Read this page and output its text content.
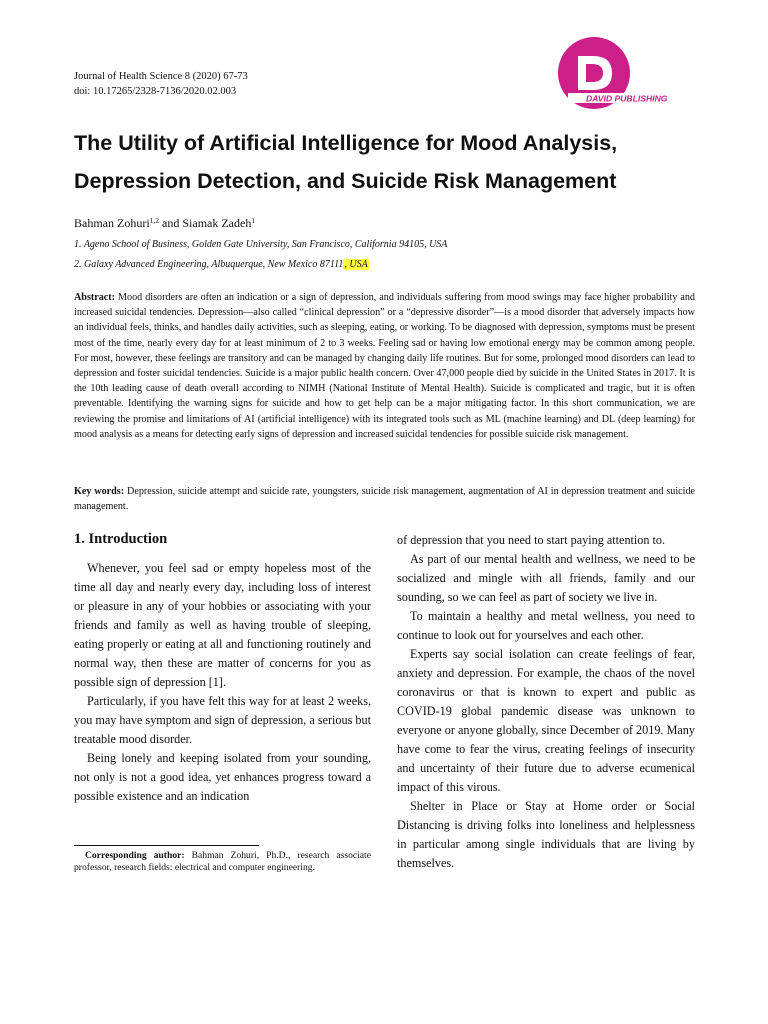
Journal of Health Science 8 (2020) 67-73
doi: 10.17265/2328-7136/2020.02.003
DAVID PUBLISHING
The Utility of Artificial Intelligence for Mood Analysis,
Depression Detection, and Suicide Risk Management
Bahman Zohuri$^{1,2}$ and Siamak Zadeh$^1$
1. Ageno School of Business, Golden Gate University, San Francisco, California 94105, USA
2. Galaxy Advanced Engineering, Albuquerque, New Mexico 87111, USA
Abstract: Mood disorders are often an indication or a sign of depression, and individuals suffering from mood swings may face higher probability and increased suicidal tendencies. Depression—also called “clinical depression” or a “depressive disorder”—is a mood disorder that adversely impacts how an individual feels, thinks, and handles daily activities, such as sleeping, eating, or working. To be diagnosed with depression, symptoms must be present most of the time, nearly every day for at least minimum of 2 to 3 weeks. Feeling sad or having low emotional energy may be common among people. For most, however, these feelings are transitory and can be managed by changing daily life routines. But for some, prolonged mood disorders can lead to depression and foster suicidal tendencies. Suicide is a major public health concern. Over 47,000 people died by suicide in the United States in 2017. It is the 10th leading cause of death overall according to NIMH (National Institute of Mental Health). Suicide is complicated and tragic, but it is often preventable. Identifying the warning signs for suicide and how to get help can be a major mitigating factor. In this short communication, we are reviewing the promise and limitations of AI (artificial intelligence) with its integrated tools such as ML (machine learning) and DL (deep learning) for mood analysis as a means for detecting early signs of depression and increased suicidal tendencies for possible suicide risk management.
Key words: Depression, suicide attempt and suicide rate, youngsters, suicide risk management, augmentation of AI in depression treatment and suicide management.
1. Introduction

Whenever, you feel sad or empty hopeless most of the time all day and nearly every day, including loss of interest or pleasure in any of your hobbies or associating with your friends and family as well as having trouble of sleeping, eating properly or eating at all and functioning routinely and normal way, then these are matter of concerns for you as possible sign of depression [1].

Particularly, if you have felt this way for at least 2 weeks, you may have symptom and sign of depression, a serious but treatable mood disorder.

Being lonely and keeping isolated from your sounding, not only is not a good idea, yet enhances progress toward a possible existence and an indication

of depression that you need to start paying attention to.

As part of our mental health and wellness, we need to be socialized and mingle with all friends, family and our sounding, so we can feel as part of society we live in.

To maintain a healthy and metal wellness, you need to continue to look out for yourselves and each other.

Experts say social isolation can create feelings of fear, anxiety and depression. For example, the chaos of the novel coronavirus or that is known to expert and public as COVID-19 global pandemic disease was unknown to everyone or anyone globally, since December of 2019. Many have come to fear the virus, creating feelings of insecurity and uncertainty of their future due to adverse ecumenical impact of this virous.

Shelter in Place or Stay at Home order or Social Distancing is driving folks into loneliness and helplessness in particular among single individuals that are living by themselves.

Corresponding author: Bahman Zohuri, Ph.D., research associate professor, research fields: electrical and computer engineering.
